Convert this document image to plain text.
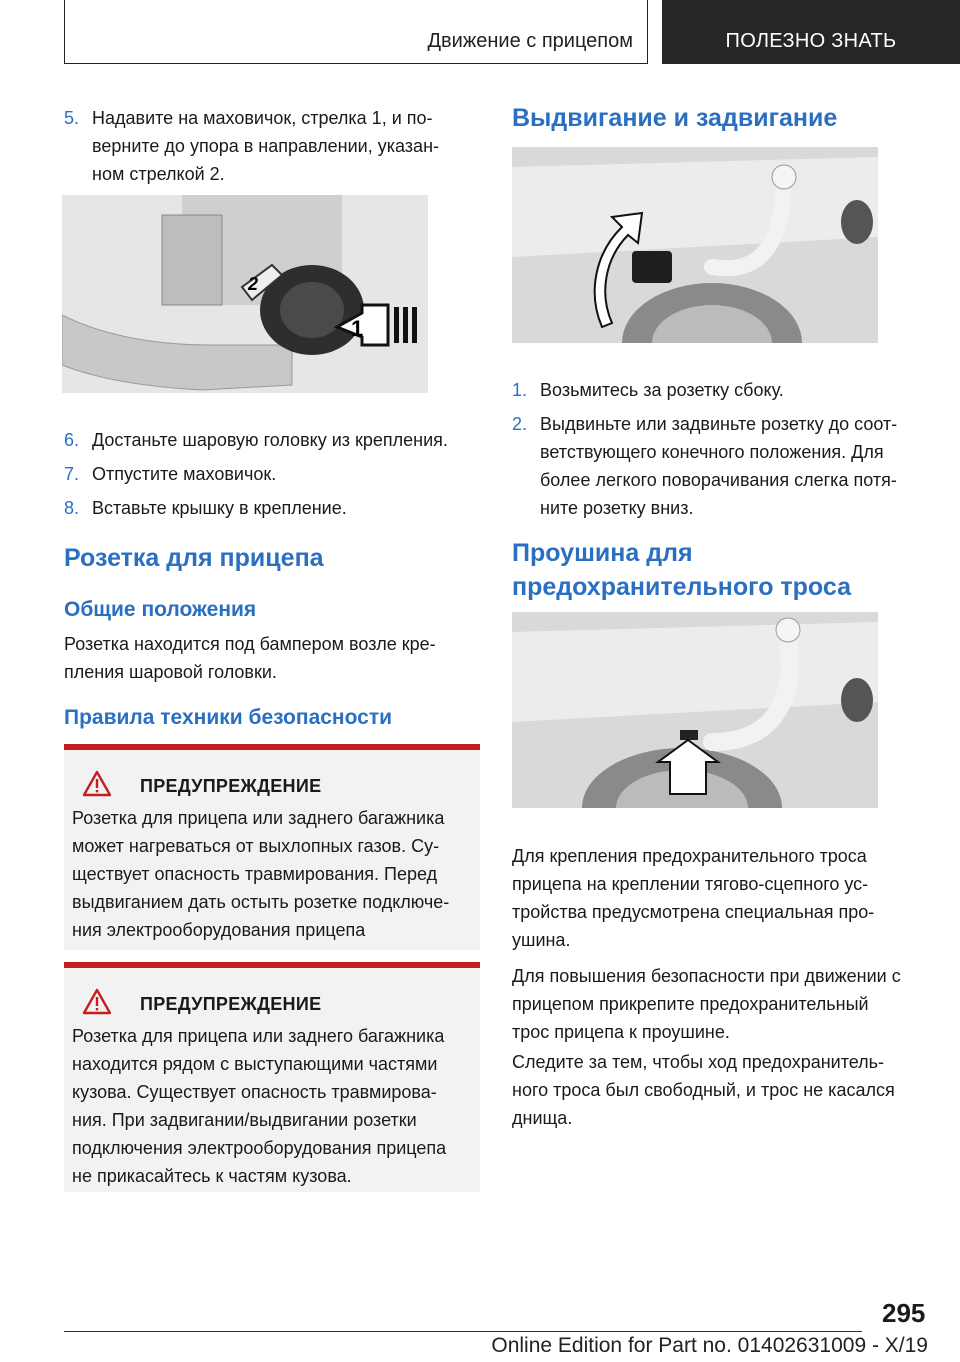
Движение с прицепом	ПОЛЕЗНО ЗНАТЬ
5. Надавите на маховичок, стрелка 1, и по-
верните до упора в направлении, указан-
ном стрелкой 2.
1
2
6. Достаньте шаровую головку из крепления.
7. Отпустите маховичок.
8. Вставьте крышку в крепление.
Розетка для прицепа
Общие положения
Розетка находится под бампером возле кре-
пления шаровой головки.
Правила техники безопасности
ПРЕДУПРЕЖДЕНИЕ
Розетка для прицепа или заднего багажника
может нагреваться от выхлопных газов. Су-
ществует опасность травмирования. Перед
выдвиганием дать остыть розетке подключе-
ния электрооборудования прицепа
ПРЕДУПРЕЖДЕНИЕ
Розетка для прицепа или заднего багажника
находится рядом с выступающими частями
кузова. Существует опасность травмирова-
ния. При задвигании/выдвигании розетки
подключения электрооборудования прицепа
не прикасайтесь к частям кузова.
Выдвигание и задвигание
1. Возьмитесь за розетку сбоку.
2. Выдвиньте или задвиньте розетку до соот-
ветствующего конечного положения. Для
более легкого поворачивания слегка потя-
ните розетку вниз.
Проушина для
предохранительного троса
Для крепления предохранительного троса
прицепа на креплении тягово-сцепного ус-
тройства предусмотрена специальная про-
ушина.
Для повышения безопасности при движении с
прицепом прикрепите предохранительный
трос прицепа к проушине.
Следите за тем, чтобы ход предохранитель-
ного троса был свободный, и трос не касался
днища.
295
Online Edition for Part no. 01402631009 - X/19
